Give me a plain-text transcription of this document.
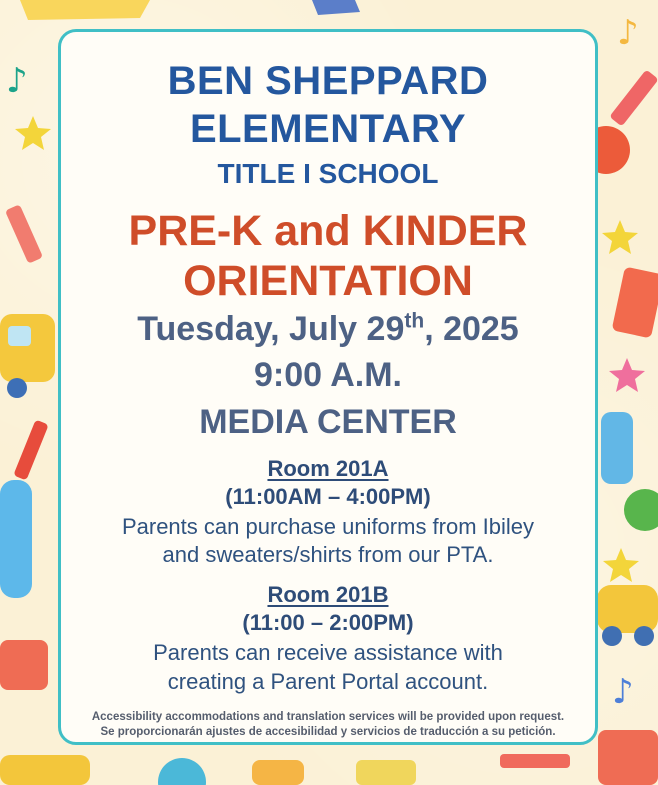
♪
♪
♪
BEN SHEPPARD
ELEMENTARY
TITLE I SCHOOL
PRE-K and KINDER
ORIENTATION
Tuesday, July 29th, 2025
9:00 A.M.
MEDIA CENTER
Room 201A
(11:00AM – 4:00PM)
Parents can purchase uniforms from Ibiley
and sweaters/shirts from our PTA.
Room 201B
(11:00 – 2:00PM)
Parents can receive assistance with
creating a Parent Portal account.
Accessibility accommodations and translation services will be provided upon request.
Se proporcionarán ajustes de accesibilidad y servicios de traducción a su petición.
